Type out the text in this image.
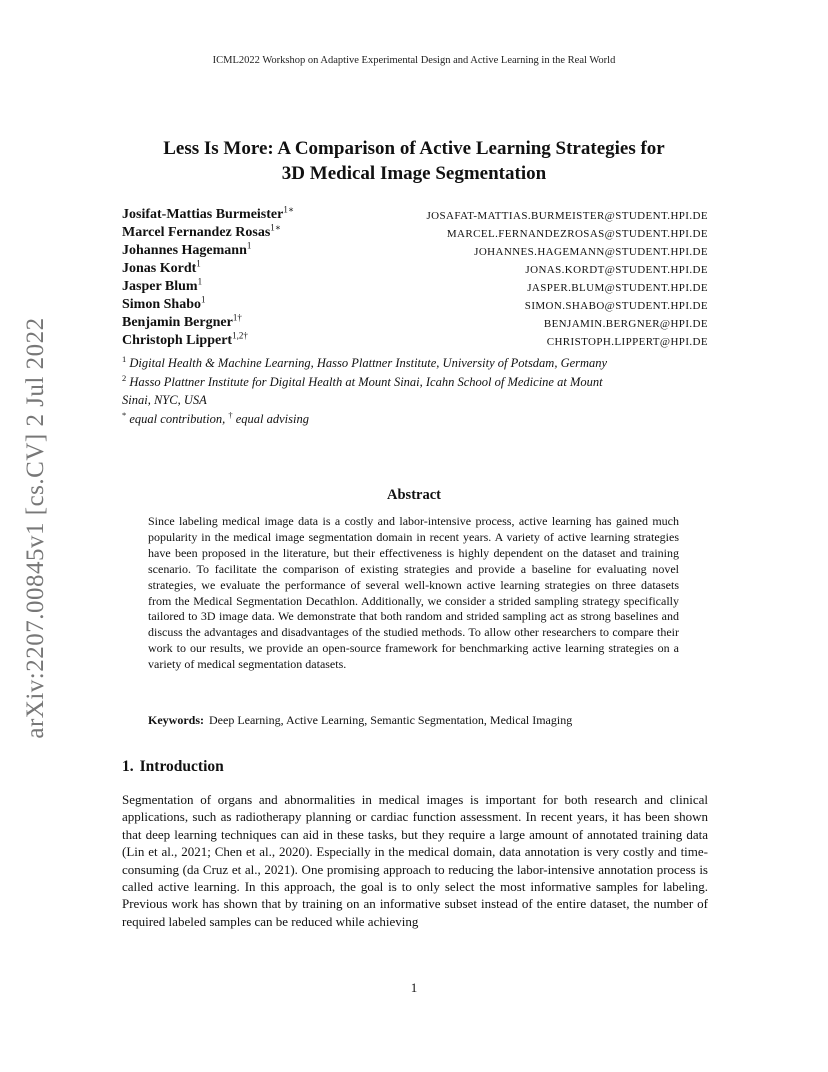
ICML2022 Workshop on Adaptive Experimental Design and Active Learning in the Real World
Less Is More: A Comparison of Active Learning Strategies for
3D Medical Image Segmentation
Josifat-Mattias Burmeister$^{1∗}$
JOSAFAT-MATTIAS.BURMEISTER@STUDENT.HPI.DE
Marcel Fernandez Rosas$^{1∗}$
MARCEL.FERNANDEZROSAS@STUDENT.HPI.DE
Johannes Hagemann$^1$
JOHANNES.HAGEMANN@STUDENT.HPI.DE
Jonas Kordt$^1$
JONAS.KORDT@STUDENT.HPI.DE
Jasper Blum$^1$
JASPER.BLUM@STUDENT.HPI.DE
Simon Shabo$^1$
SIMON.SHABO@STUDENT.HPI.DE
Benjamin Bergner$^{1\dagger}$
BENJAMIN.BERGNER@HPI.DE
Christoph Lippert$^{1,2\dagger}$
CHRISTOPH.LIPPERT@HPI.DE
$^1$ Digital Health & Machine Learning, Hasso Plattner Institute, University of Potsdam, Germany
$^2$ Hasso Plattner Institute for Digital Health at Mount Sinai, Icahn School of Medicine at Mount
Sinai, NYC, USA
* equal contribution, † equal advising
arXiv:2207.00845v1 [cs.CV] 2 Jul 2022	Abstract
Since labeling medical image data is a costly and labor-intensive process, active learning has gained much popularity in the medical image segmentation domain in recent years. A variety of active learning strategies have been proposed in the literature, but their effectiveness is highly dependent on the dataset and training scenario. To facilitate the comparison of existing strategies and provide a baseline for evaluating novel strategies, we evaluate the performance of several well-known active learning strategies on three datasets from the Medical Segmentation Decathlon. Additionally, we consider a strided sampling strategy specifically tailored to 3D image data. We demonstrate that both random and strided sampling act as strong baselines and discuss the advantages and disadvantages of the studied methods. To allow other researchers to compare their work to our results, we provide an open-source framework for benchmarking active learning strategies on a variety of medical segmentation datasets.
Keywords: Deep Learning, Active Learning, Semantic Segmentation, Medical Imaging
1. Introduction
Segmentation of organs and abnormalities in medical images is important for both research and clinical applications, such as radiotherapy planning or cardiac function assessment. In recent years, it has been shown that deep learning techniques can aid in these tasks, but they require a large amount of annotated training data (Lin et al., 2021; Chen et al., 2020). Especially in the medical domain, data annotation is very costly and time-consuming (da Cruz et al., 2021). One promising approach to reducing the labor-intensive annotation process is called active learning. In this approach, the goal is to only select the most informative samples for labeling. Previous work has shown that by training on an informative subset instead of the entire dataset, the number of required labeled samples can be reduced while achieving
1
